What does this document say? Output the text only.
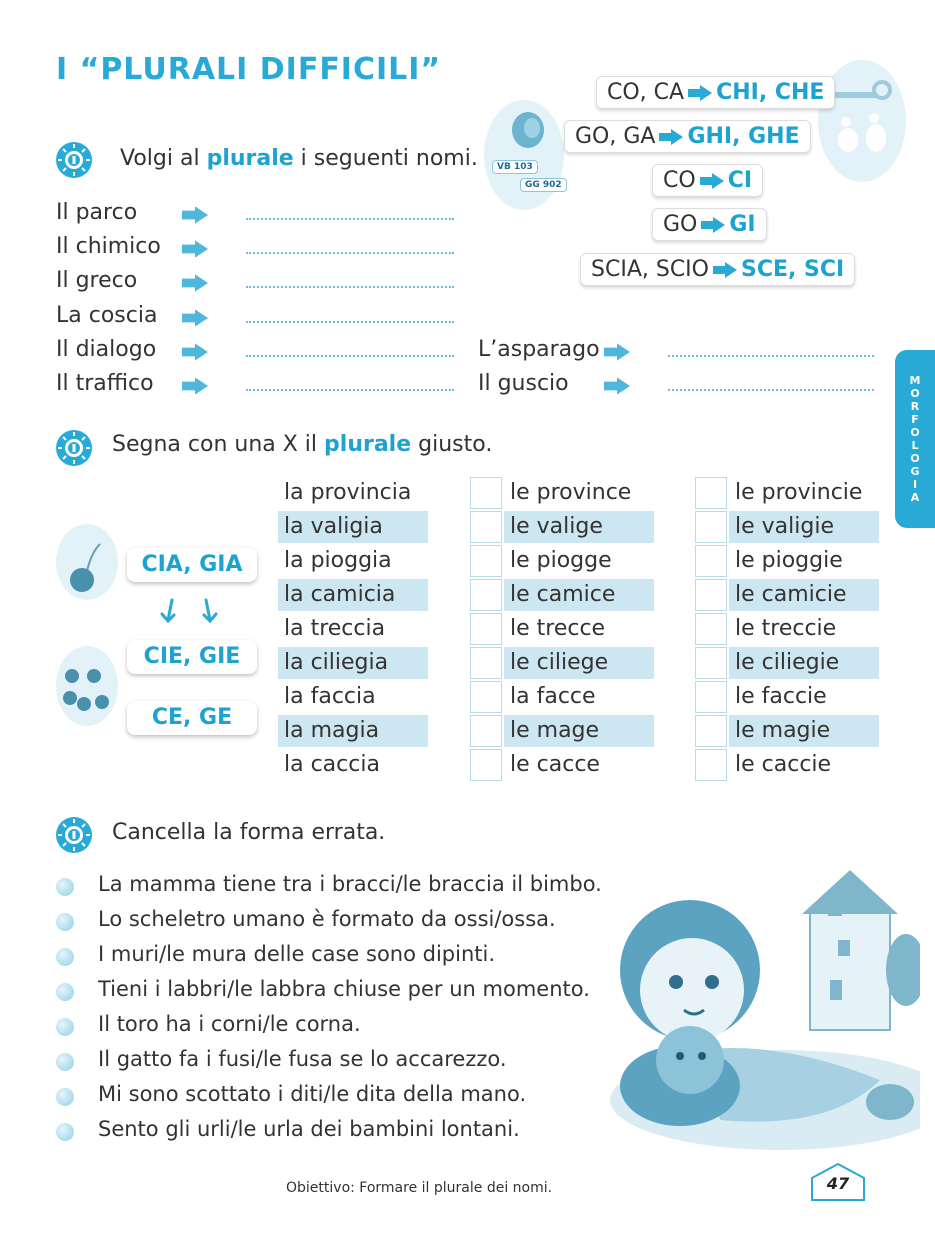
I “PLURALI DIFFICILI”
Volgi al plurale i seguenti nomi.
Il parco
Il chimico
Il greco
La coscia
Il dialogo
Il traffico
L’asparago
Il guscio
VB 103
GG 902
CO, CA CHI, CHE
GO, GA GHI, GHE
CO CI
GO GI
SCIA, SCIO SCE, SCI
M
O
R
F
O
L
O
G
I
A
Segna con una X il plurale giusto.
CIA, GIA
CIE, GIE
CE, GE
la provincia	le province	le provincie
la valigia	le valige	le valigie
la pioggia	le piogge	le pioggie
la camicia	le camice	le camicie
la treccia	le trecce	le treccie
la ciliegia	le ciliege	le ciliegie
la faccia	la facce	le faccie
la magia	le mage	le magie
la caccia	le cacce	le caccie
Cancella la forma errata.
La mamma tiene tra i bracci/le braccia il bimbo.
Lo scheletro umano è formato da ossi/ossa.
I muri/le mura delle case sono dipinti.
Tieni i labbri/le labbra chiuse per un momento.
Il toro ha i corni/le corna.
Il gatto fa i fusi/le fusa se lo accarezzo.
Mi sono scottato i diti/le dita della mano.
Sento gli urli/le urla dei bambini lontani.
Obiettivo: Formare il plurale dei nomi.	47
